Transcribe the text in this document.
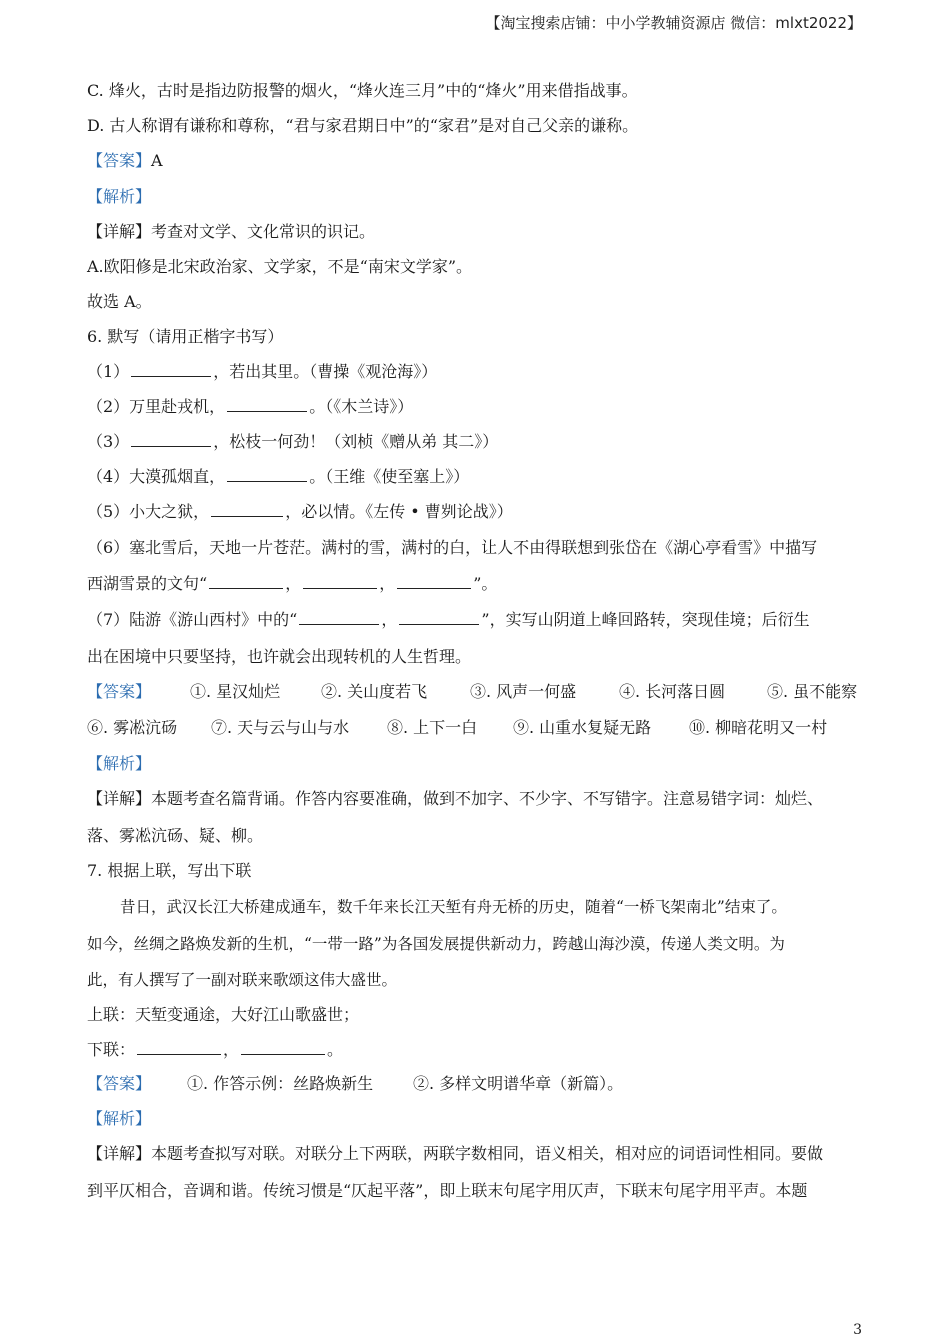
【淘宝搜索店铺：中小学教辅资源店 微信：mlxt2022】
C. 烽火，古时是指边防报警的烟火，“烽火连三月”中的“烽火”用来借指战事。
D. 古人称谓有谦称和尊称，“君与家君期日中”的“家君”是对自己父亲的谦称。
【答案】A
【解析】
【详解】考查对文学、文化常识的识记。
A.欧阳修是北宋政治家、文学家，不是“南宋文学家”。
故选 A。
6. 默写（请用正楷字书写）
（1）	，若出其里。（曹操《观沧海》）
（2）万里赴戎机，	。（《木兰诗》）
（3）	，松枝一何劲！（刘桢《赠从弟 其二》）
（4）大漠孤烟直，	。（王维《使至塞上》）
（5）小大之狱，	，必以情。《左传 • 曹刿论战》）
（6）塞北雪后，天地一片苍茫。满村的雪，满村的白，让人不由得联想到张岱在《湖心亭看雪》中描写
西湖雪景的文句“	，	，	”。
（7）陆游《游山西村》中的“	，	”，实写山阴道上峰回路转，突现佳境；后衍生
出在困境中只要坚持，也许就会出现转机的人生哲理。
【答案】 ①. 星汉灿烂	②. 关山度若飞	③. 风声一何盛	④. 长河落日圆	⑤. 虽不能察
⑥. 雾凇沆砀 ⑦. 天与云与山与水 ⑧. 上下一白 ⑨. 山重水复疑无路 ⑩. 柳暗花明又一村
【解析】
【详解】本题考查名篇背诵。作答内容要准确，做到不加字、不少字、不写错字。注意易错字词：灿烂、
落、雾凇沆砀、疑、柳。
7. 根据上联，写出下联
昔日，武汉长江大桥建成通车，数千年来长江天堑有舟无桥的历史，随着“一桥飞架南北”结束了。
如今，丝绸之路焕发新的生机，“一带一路”为各国发展提供新动力，跨越山海沙漠，传递人类文明。为
此，有人撰写了一副对联来歌颂这伟大盛世。
上联：天堑变通途，大好江山歌盛世；
下联：	，	。
【答案】 ①. 作答示例：丝路焕新生 ②. 多样文明谱华章（新篇）。
【解析】
【详解】本题考查拟写对联。对联分上下两联，两联字数相同，语义相关，相对应的词语词性相同。要做
到平仄相合，音调和谐。传统习惯是“仄起平落”，即上联末句尾字用仄声，下联末句尾字用平声。本题
3
